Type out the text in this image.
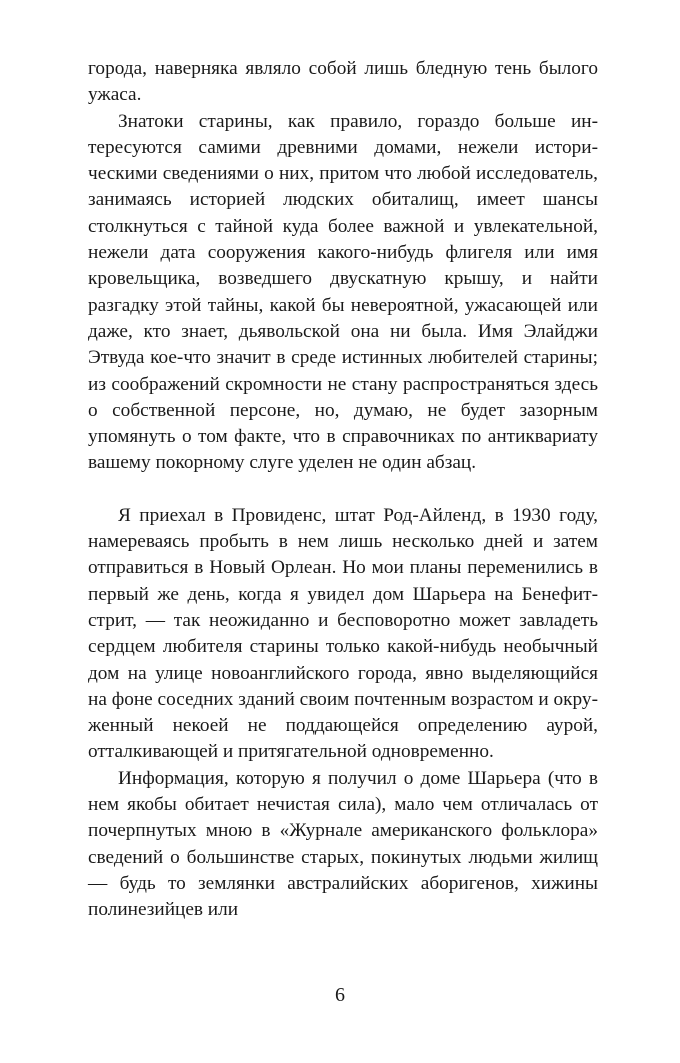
города, наверняка являло собой лишь бледную тень былого ужаса.

Знатоки старины, как правило, гораздо больше интересуются самими древними домами, нежели историческими сведениями о них, притом что любой исследователь, занимаясь историей людских обиталищ, имеет шансы столкнуться с тайной куда более важной и увлекательной, нежели дата сооружения какого-нибудь флигеля или имя кровельщика, возведшего двускатную крышу, и найти разгадку этой тайны, какой бы невероятной, ужасающей или даже, кто знает, дьявольской она ни была. Имя Элайджи Этвуда кое-что значит в среде истинных любителей старины; из соображений скромности не стану распространяться здесь о собственной персоне, но, думаю, не будет зазорным упомянуть о том факте, что в справочниках по антиквариату вашему покорному слуге уделен не один абзац.

Я приехал в Провиденс, штат Род-Айленд, в 1930 году, намереваясь пробыть в нем лишь несколько дней и затем отправиться в Новый Орлеан. Но мои планы переменились в первый же день, когда я увидел дом Шарьера на Бенефит-стрит, — так неожиданно и бесповоротно может завладеть сердцем любителя старины только какой-нибудь необычный дом на улице новоанглийского города, явно выделяющийся на фоне соседних зданий своим почтенным возрастом и окруженный некоей не поддающейся определению аурой, отталкивающей и притягательной одновременно.

Информация, которую я получил о доме Шарьера (что в нем якобы обитает нечистая сила), мало чем отличалась от почерпнутых мною в «Журнале американского фольклора» сведений о большинстве старых, покинутых людьми жилищ — будь то землянки австралийских аборигенов, хижины полинезийцев или

6
